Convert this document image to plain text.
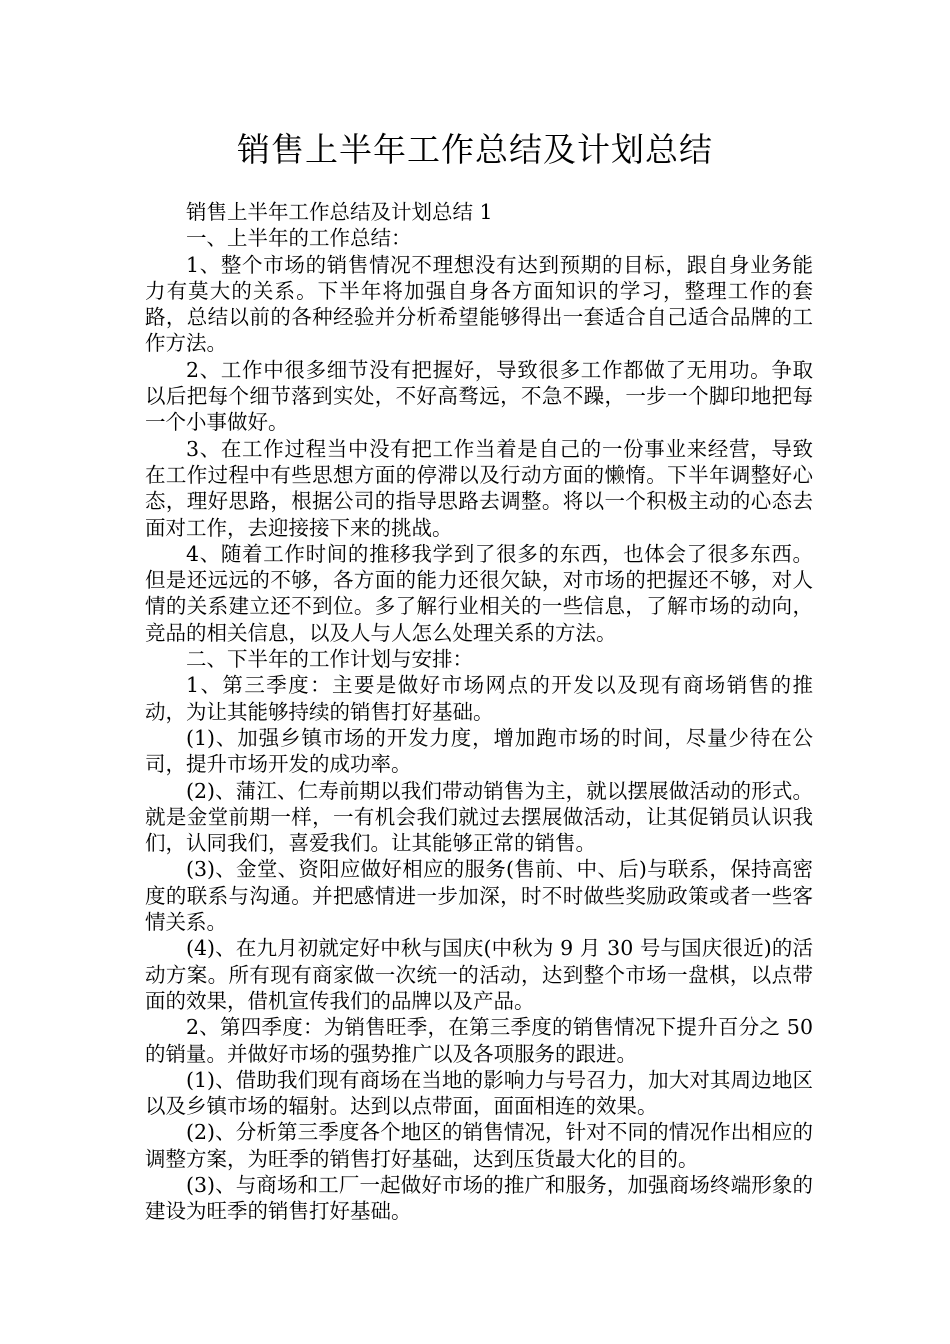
销售上半年工作总结及计划总结

销售上半年工作总结及计划总结 1

一、上半年的工作总结：

1、整个市场的销售情况不理想没有达到预期的目标，跟自身业务能力有莫大的关系。下半年将加强自身各方面知识的学习，整理工作的套路，总结以前的各种经验并分析希望能够得出一套适合自己适合品牌的工作方法。

2、工作中很多细节没有把握好，导致很多工作都做了无用功。争取以后把每个细节落到实处，不好高骛远，不急不躁，一步一个脚印地把每一个小事做好。

3、在工作过程当中没有把工作当着是自己的一份事业来经营，导致在工作过程中有些思想方面的停滞以及行动方面的懒惰。下半年调整好心态，理好思路，根据公司的指导思路去调整。将以一个积极主动的心态去面对工作，去迎接接下来的挑战。

4、随着工作时间的推移我学到了很多的东西，也体会了很多东西。但是还远远的不够，各方面的能力还很欠缺，对市场的把握还不够，对人情的关系建立还不到位。多了解行业相关的一些信息，了解市场的动向，竞品的相关信息，以及人与人怎么处理关系的方法。

二、下半年的工作计划与安排：

1、第三季度：主要是做好市场网点的开发以及现有商场销售的推动，为让其能够持续的销售打好基础。

(1)、加强乡镇市场的开发力度，增加跑市场的时间，尽量少待在公司，提升市场开发的成功率。

(2)、蒲江、仁寿前期以我们带动销售为主，就以摆展做活动的形式。就是金堂前期一样，一有机会我们就过去摆展做活动，让其促销员认识我们，认同我们，喜爱我们。让其能够正常的销售。

(3)、金堂、资阳应做好相应的服务(售前、中、后)与联系，保持高密度的联系与沟通。并把感情进一步加深，时不时做些奖励政策或者一些客情关系。

(4)、在九月初就定好中秋与国庆(中秋为 9 月 30 号与国庆很近)的活动方案。所有现有商家做一次统一的活动，达到整个市场一盘棋，以点带面的效果，借机宣传我们的品牌以及产品。

2、第四季度：为销售旺季，在第三季度的销售情况下提升百分之 50 的销量。并做好市场的强势推广以及各项服务的跟进。

(1)、借助我们现有商场在当地的影响力与号召力，加大对其周边地区以及乡镇市场的辐射。达到以点带面，面面相连的效果。

(2)、分析第三季度各个地区的销售情况，针对不同的情况作出相应的调整方案，为旺季的销售打好基础，达到压货最大化的目的。

(3)、与商场和工厂一起做好市场的推广和服务，加强商场终端形象的建设为旺季的销售打好基础。
